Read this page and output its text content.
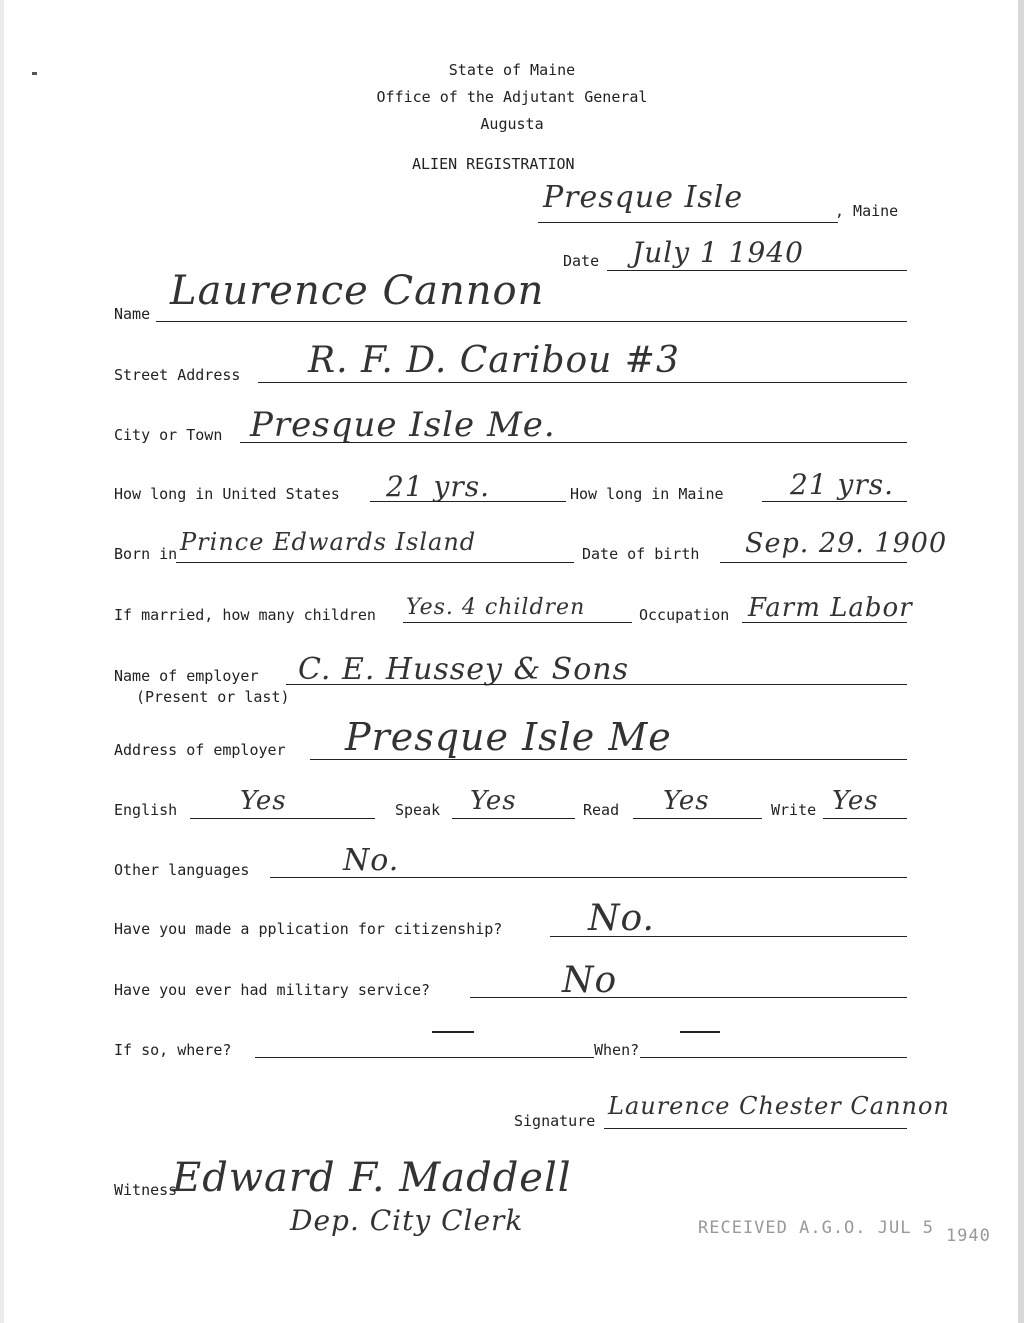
State of Maine
Office of the Adjutant General
Augusta
ALIEN REGISTRATION
Presque Isle	, Maine
Date July 1 1940
Name Laurence Cannon
Street Address R. F. D. Caribou #3
City or Town Presque Isle Me.
How long in United States 21 yrs.	How long in Maine 21 yrs.
Born in Prince Edwards Island	Date of birth Sep. 29. 1900
If married, how many children Yes. 4 children	Occupation Farm Labor
Name of employer
(Present or last)
C. E. Hussey & Sons
Address of employer Presque Isle Me
English Yes	Speak Yes	Read Yes	Write Yes
Other languages	No.
Have you made a pplication for citizenship? No.
Have you ever had military service?	No
If so, where?	When?
Signature
Laurence Chester Cannon
Witness
Edward F. Maddell
Dep. City Clerk	RECEIVED A.G.O. JUL 5 1940
